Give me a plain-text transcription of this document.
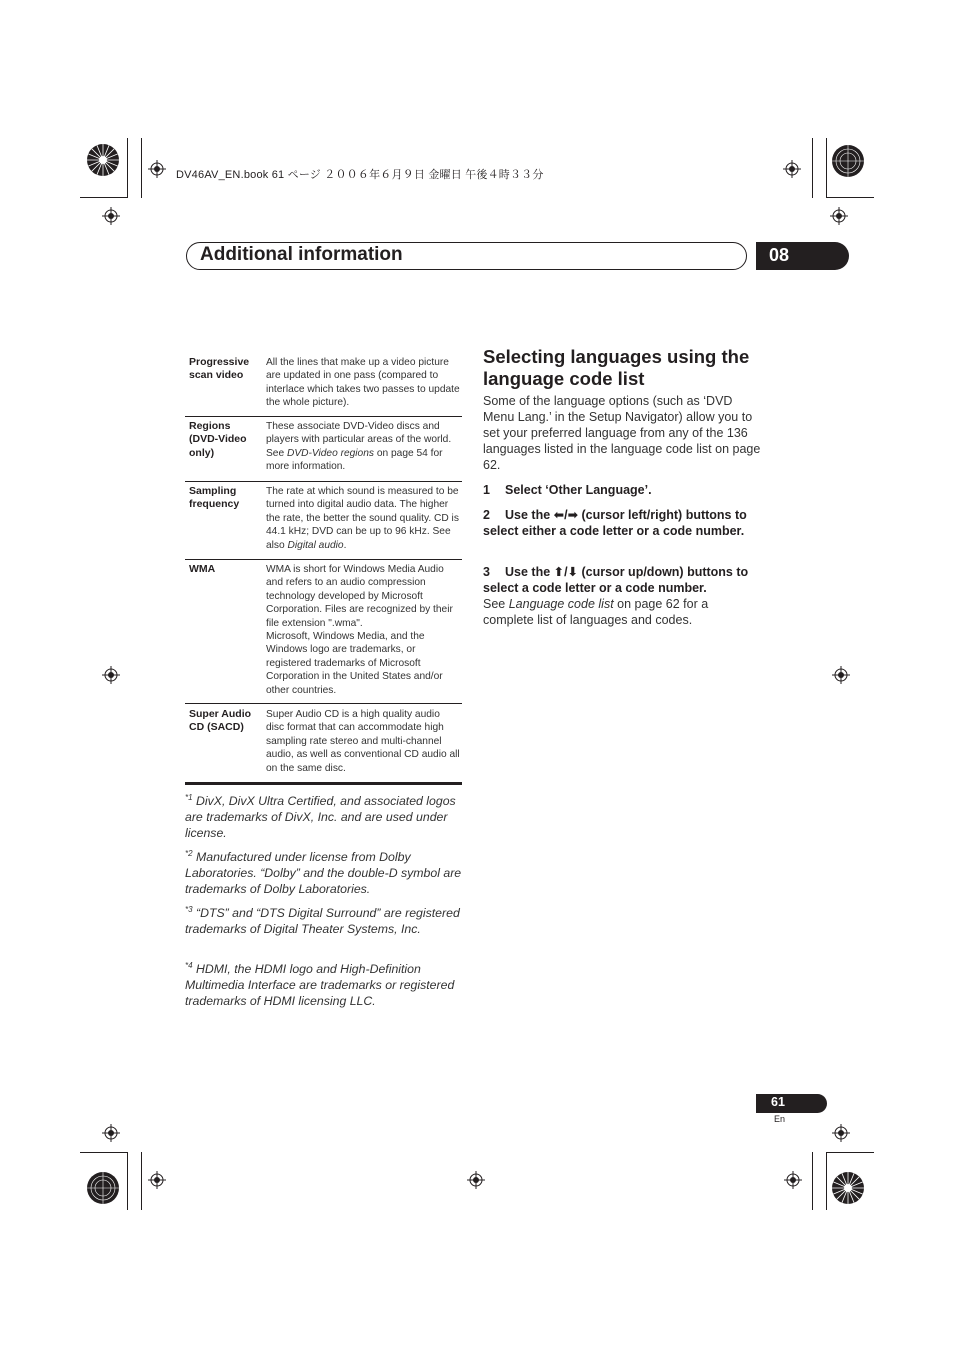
DV46AV_EN.book 61 ページ ２００６年６月９日 金曜日 午後４時３３分
Additional information	08
Progressive scan video
All the lines that make up a video picture are updated in one pass (compared to interlace which takes two passes to update the whole picture).
Regions (DVD-Video only)
These associate DVD-Video discs and players with particular areas of the world. See DVD-Video regions on page 54 for more information.
Sampling frequency
The rate at which sound is measured to be turned into digital audio data. The higher the rate, the better the sound quality. CD is 44.1 kHz; DVD can be up to 96 kHz. See also Digital audio.
WMA	WMA is short for Windows Media Audio and refers to an audio compression technology developed by Microsoft Corporation. Files are recognized by their file extension ".wma".
Microsoft, Windows Media, and the Windows logo are trademarks, or registered trademarks of Microsoft Corporation in the United States and/or other countries.
Super Audio CD (SACD)
Super Audio CD is a high quality audio disc format that can accommodate high sampling rate stereo and multi-channel audio, as well as conventional CD audio all on the same disc.
$^{*1}$ DivX, DivX Ultra Certified, and associated logos are trademarks of DivX, Inc. and are used under license.
$^{*2}$ Manufactured under license from Dolby Laboratories. “Dolby” and the double-D symbol are trademarks of Dolby Laboratories.
$^{*3}$ “DTS” and “DTS Digital Surround” are registered trademarks of Digital Theater Systems, Inc.
$^{*4}$ HDMI, the HDMI logo and High-Definition Multimedia Interface are trademarks or registered trademarks of HDMI licensing LLC.
Selecting languages using the language code list
Some of the language options (such as ‘DVD Menu Lang.’ in the Setup Navigator) allow you to set your preferred language from any of the 136 languages listed in the language code list on page 62.
1 Select ‘Other Language’.
2 Use the ⬅/➡ (cursor left/right) buttons to select either a code letter or a code number.
3 Use the ⬆/⬇ (cursor up/down) buttons to select a code letter or a code number.
See Language code list on page 62 for a complete list of languages and codes.
61
En
